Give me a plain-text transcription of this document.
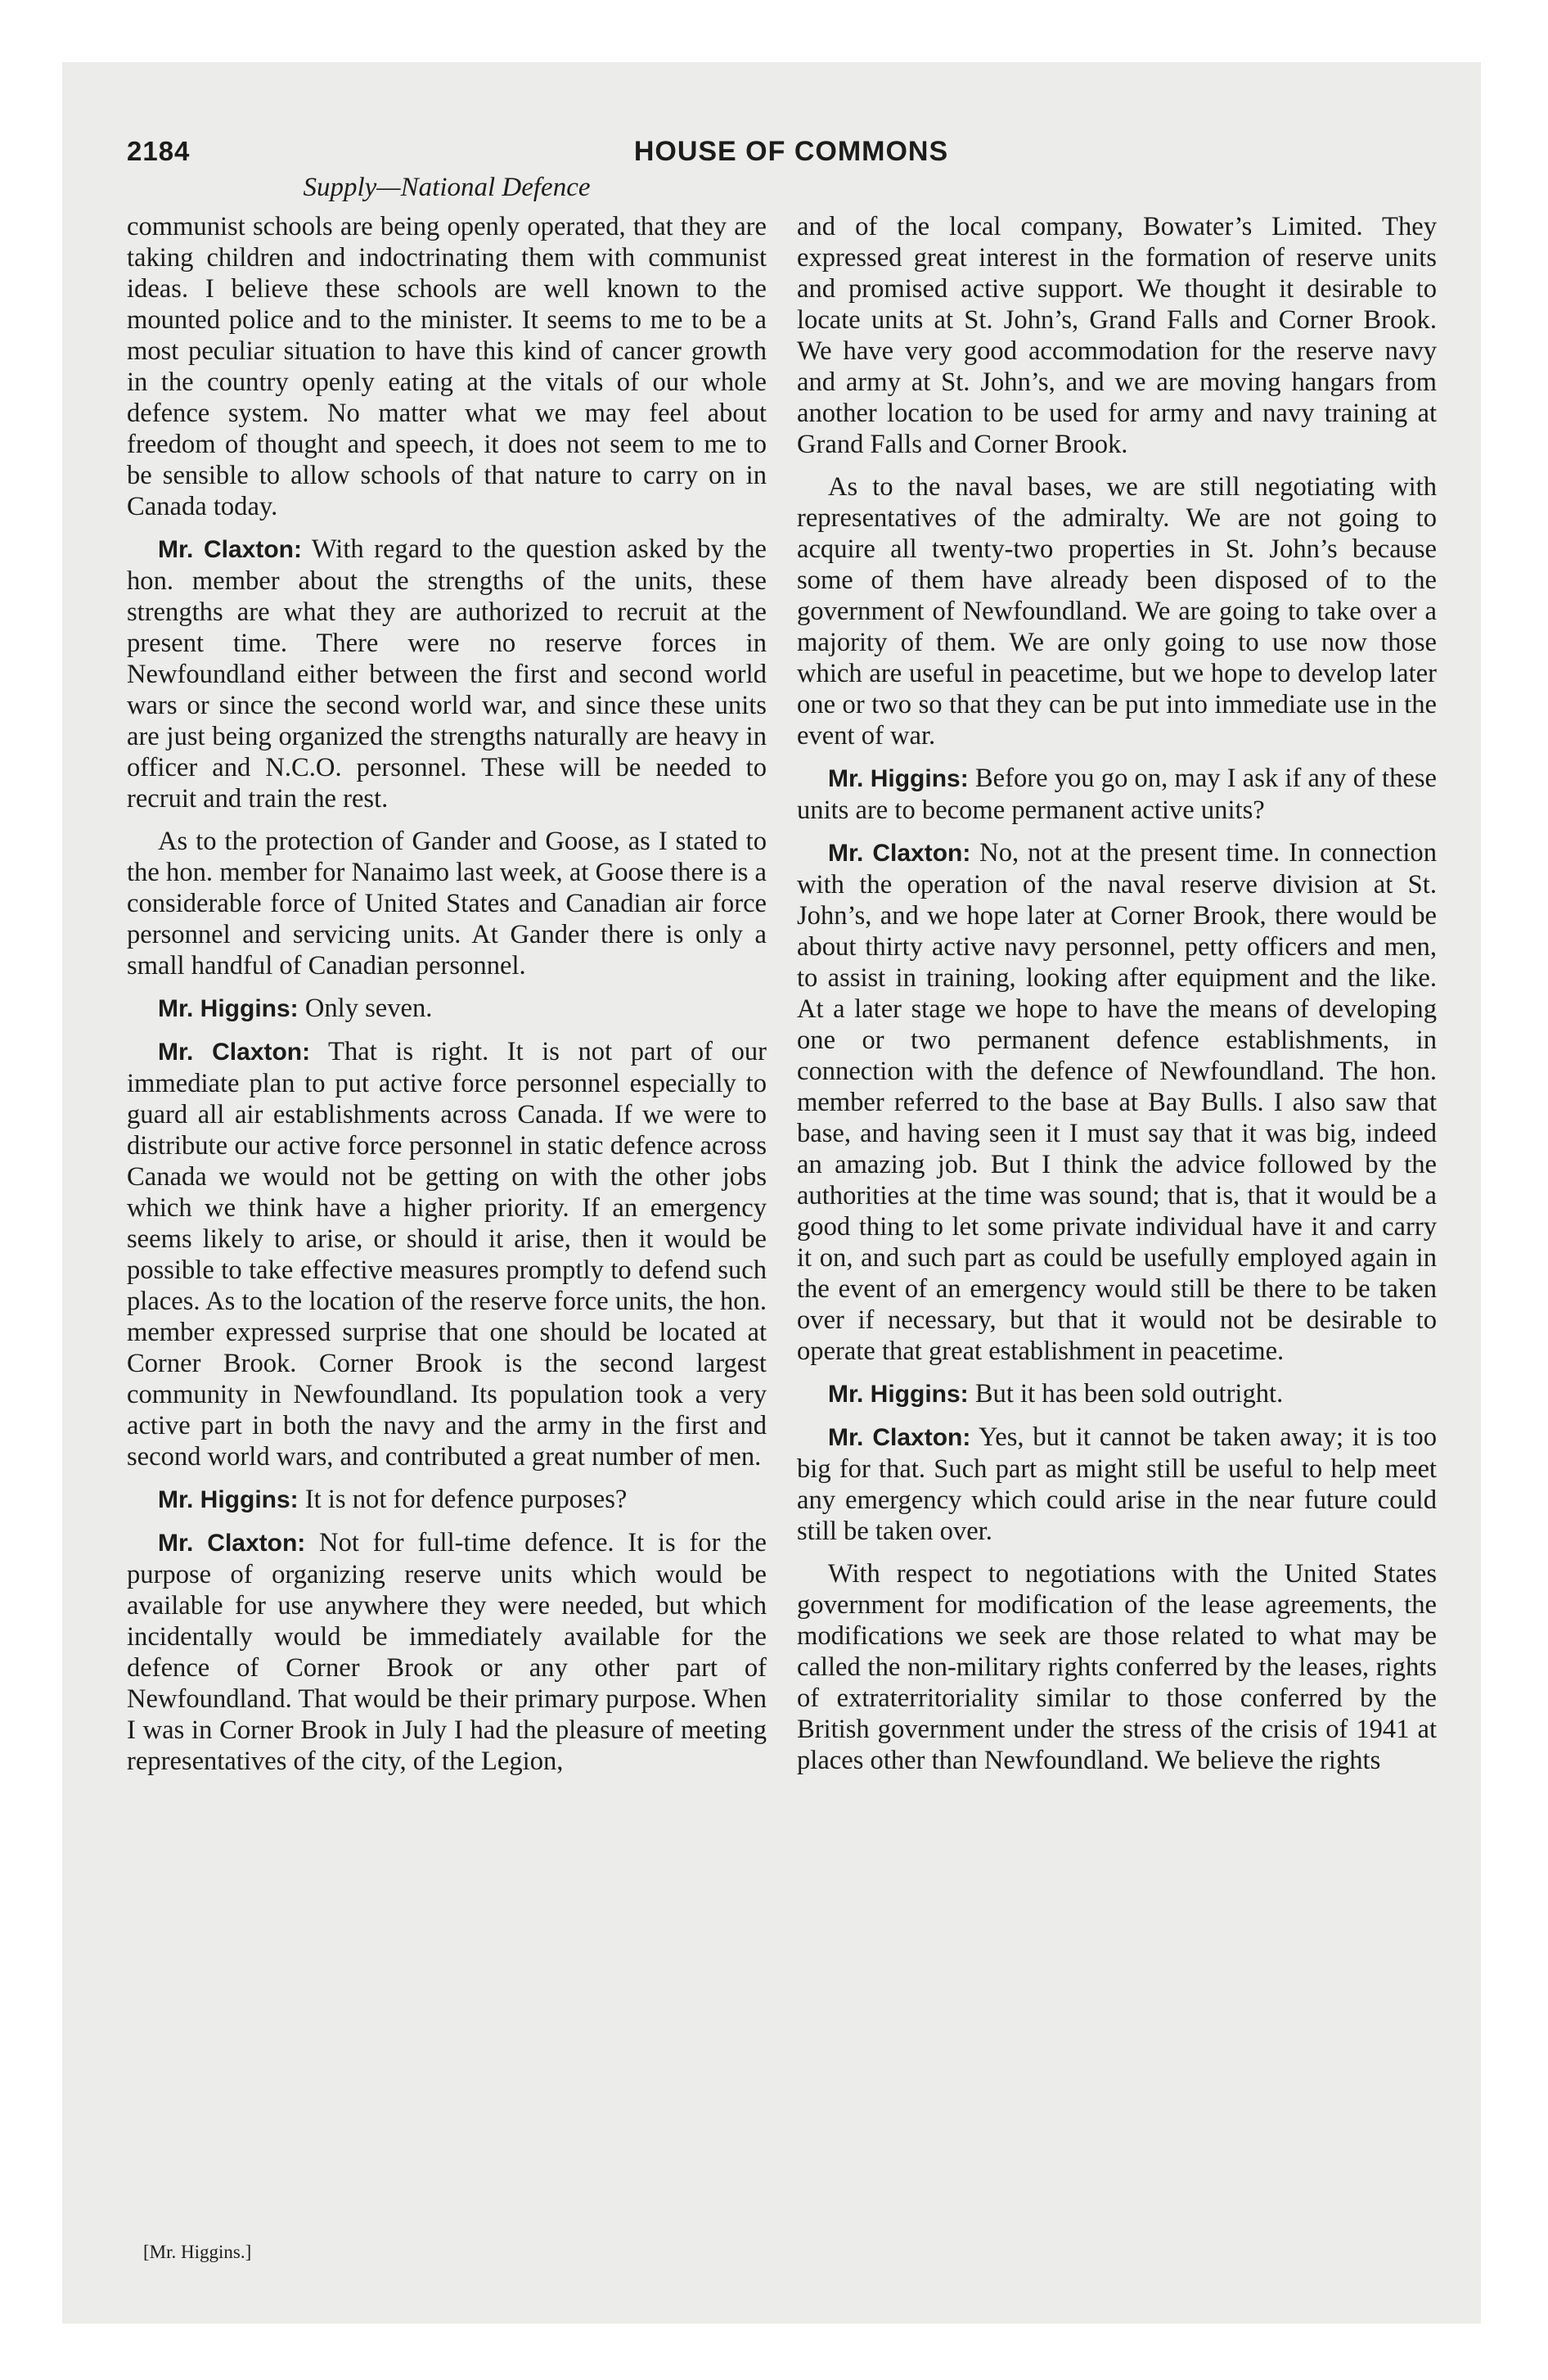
2184	HOUSE OF COMMONS
Supply—National Defence

communist schools are being openly operated, that they are taking children and indoctrinating them with communist ideas. I believe these schools are well known to the mounted police and to the minister. It seems to me to be a most peculiar situation to have this kind of cancer growth in the country openly eating at the vitals of our whole defence system. No matter what we may feel about freedom of thought and speech, it does not seem to me to be sensible to allow schools of that nature to carry on in Canada today.

Mr. Claxton: With regard to the question asked by the hon. member about the strengths of the units, these strengths are what they are authorized to recruit at the present time. There were no reserve forces in Newfoundland either between the first and second world wars or since the second world war, and since these units are just being organized the strengths naturally are heavy in officer and N.C.O. personnel. These will be needed to recruit and train the rest.

As to the protection of Gander and Goose, as I stated to the hon. member for Nanaimo last week, at Goose there is a considerable force of United States and Canadian air force personnel and servicing units. At Gander there is only a small handful of Canadian personnel.

Mr. Higgins: Only seven.

Mr. Claxton: That is right. It is not part of our immediate plan to put active force personnel especially to guard all air establishments across Canada. If we were to distribute our active force personnel in static defence across Canada we would not be getting on with the other jobs which we think have a higher priority. If an emergency seems likely to arise, or should it arise, then it would be possible to take effective measures promptly to defend such places. As to the location of the reserve force units, the hon. member expressed surprise that one should be located at Corner Brook. Corner Brook is the second largest community in Newfoundland. Its population took a very active part in both the navy and the army in the first and second world wars, and contributed a great number of men.

Mr. Higgins: It is not for defence purposes?

Mr. Claxton: Not for full-time defence. It is for the purpose of organizing reserve units which would be available for use anywhere they were needed, but which incidentally would be immediately available for the defence of Corner Brook or any other part of Newfoundland. That would be their primary purpose. When I was in Corner Brook in July I had the pleasure of meeting representatives of the city, of the Legion,

and of the local company, Bowater’s Limited. They expressed great interest in the formation of reserve units and promised active support. We thought it desirable to locate units at St. John’s, Grand Falls and Corner Brook. We have very good accommodation for the reserve navy and army at St. John’s, and we are moving hangars from another location to be used for army and navy training at Grand Falls and Corner Brook.

As to the naval bases, we are still negotiating with representatives of the admiralty. We are not going to acquire all twenty-two properties in St. John’s because some of them have already been disposed of to the government of Newfoundland. We are going to take over a majority of them. We are only going to use now those which are useful in peacetime, but we hope to develop later one or two so that they can be put into immediate use in the event of war.

Mr. Higgins: Before you go on, may I ask if any of these units are to become permanent active units?

Mr. Claxton: No, not at the present time. In connection with the operation of the naval reserve division at St. John’s, and we hope later at Corner Brook, there would be about thirty active navy personnel, petty officers and men, to assist in training, looking after equipment and the like. At a later stage we hope to have the means of developing one or two permanent defence establishments, in connection with the defence of Newfoundland. The hon. member referred to the base at Bay Bulls. I also saw that base, and having seen it I must say that it was big, indeed an amazing job. But I think the advice followed by the authorities at the time was sound; that is, that it would be a good thing to let some private individual have it and carry it on, and such part as could be usefully employed again in the event of an emergency would still be there to be taken over if necessary, but that it would not be desirable to operate that great establishment in peacetime.

Mr. Higgins: But it has been sold outright.

Mr. Claxton: Yes, but it cannot be taken away; it is too big for that. Such part as might still be useful to help meet any emergency which could arise in the near future could still be taken over.

With respect to negotiations with the United States government for modification of the lease agreements, the modifications we seek are those related to what may be called the non-military rights conferred by the leases, rights of extraterritoriality similar to those conferred by the British government under the stress of the crisis of 1941 at places other than Newfoundland. We believe the rights

[Mr. Higgins.]
